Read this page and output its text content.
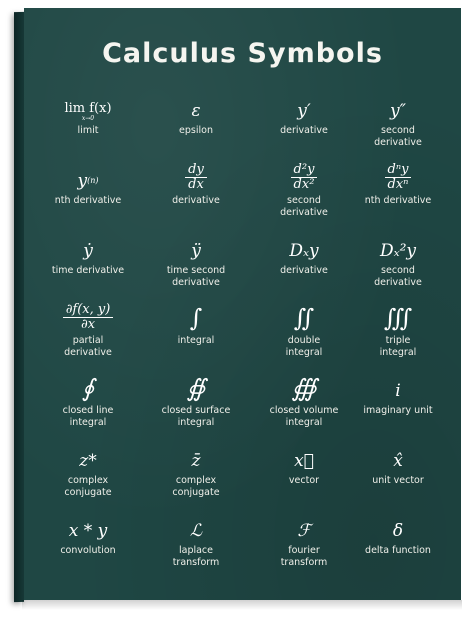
Calculus Symbols
lim f(x)
x→0
limit
ε
epsilon
y′
derivative
y″
second
derivative
y (n)
nth derivative
$\frac{dy}{dx}$
derivative
$\frac{\text{d²y}}{\text{dx²}}$
second
derivative
$\frac{\text{dⁿy}}{\text{dxⁿ}}$
nth derivative
ẏ
time derivative
ÿ
time second
derivative
Dₓy
derivative
Dₓ²y
second
derivative
$\frac{\partial f(x, y)}{\partial x}$
partial
derivative
∫
integral
∬
double
integral
∭
triple
integral
∮
closed line
integral
∯
closed surface
integral
∰
closed volume
integral
i
imaginary unit
z*
complex
conjugate
z̄
complex
conjugate
x⃗
vector
x̂
unit vector
x * y
convolution
ℒ
laplace
transform
ℱ
fourier
transform
δ
delta function
